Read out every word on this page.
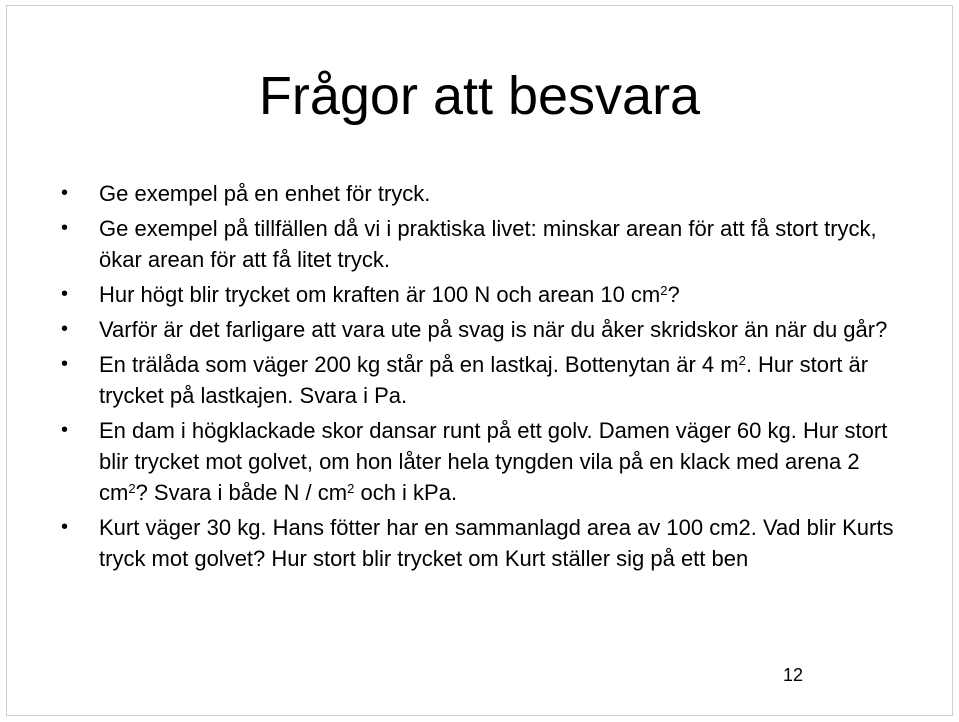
Frågor att besvara
• Ge exempel på en enhet för tryck.
• Ge exempel på tillfällen då vi i praktiska livet: minskar arean för att få stort tryck, ökar arean för att få litet tryck.
• Hur högt blir trycket om kraften är 100 N och arean 10 $cm^2$?
• Varför är det farligare att vara ute på svag is när du åker skridskor än när du går?
• En trälåda som väger 200 kg står på en lastkaj. Bottenytan är 4 $m^2$. Hur stort är trycket på lastkajen. Svara i Pa.
• En dam i högklackade skor dansar runt på ett golv. Damen väger 60 kg. Hur stort blir trycket mot golvet, om hon låter hela tyngden vila på en klack med arena 2 $cm^2$? Svara i både N / $cm^2$ och i kPa.
• Kurt väger 30 kg. Hans fötter har en sammanlagd area av 100 cm2. Vad blir Kurts tryck mot golvet? Hur stort blir trycket om Kurt ställer sig på ett ben
12
